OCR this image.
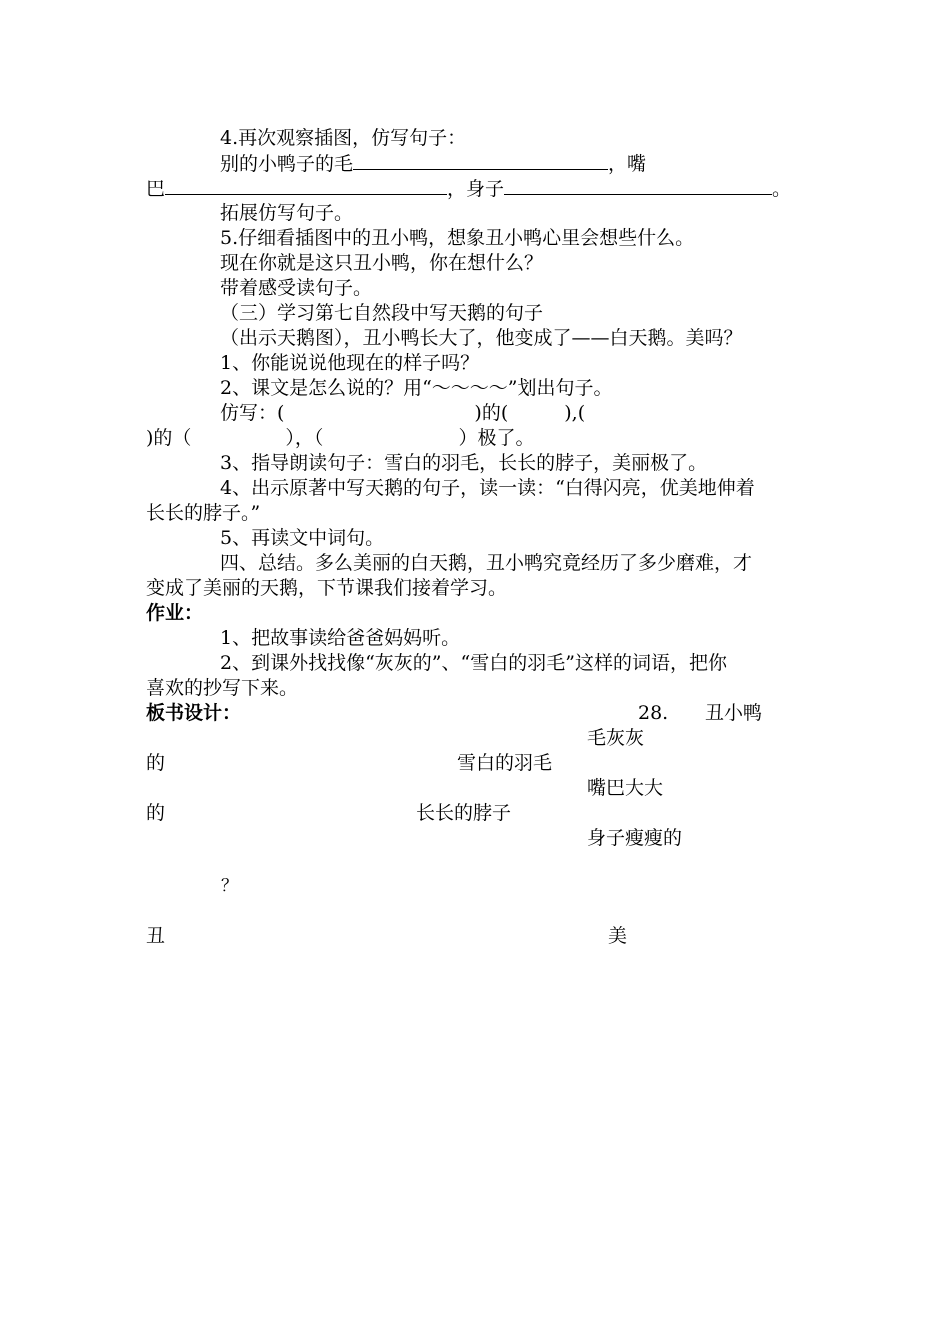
4.再次观察插图，仿写句子：
别的小鸭子的毛	，嘴
巴	，身子	。
拓展仿写句子。
5.仔细看插图中的丑小鸭，想象丑小鸭心里会想些什么。
现在你就是这只丑小鸭，你在想什么？
带着感受读句子。
（三）学习第七自然段中写天鹅的句子
（出示天鹅图），丑小鸭长大了，他变成了——白天鹅。美吗？
1、你能说说他现在的样子吗？
2、课文是怎么说的？用“～～～～”划出句子。
仿写：(	)的(	),(
)的（	），（	）极了。
3、指导朗读句子：雪白的羽毛，长长的脖子，美丽极了。
4、出示原著中写天鹅的句子，读一读：“白得闪亮，优美地伸着
长长的脖子。”
5、再读文中词句。
四、总结。多么美丽的白天鹅，丑小鸭究竟经历了多少磨难，才
变成了美丽的天鹅，下节课我们接着学习。
作业：
1、把故事读给爸爸妈妈听。
2、到课外找找像“灰灰的”、“雪白的羽毛”这样的词语，把你
喜欢的抄写下来。
板书设计：	28. 丑小鸭
毛灰灰
的	雪白的羽毛
嘴巴大大
的	长长的脖子
身子瘦瘦的
？
丑	美
